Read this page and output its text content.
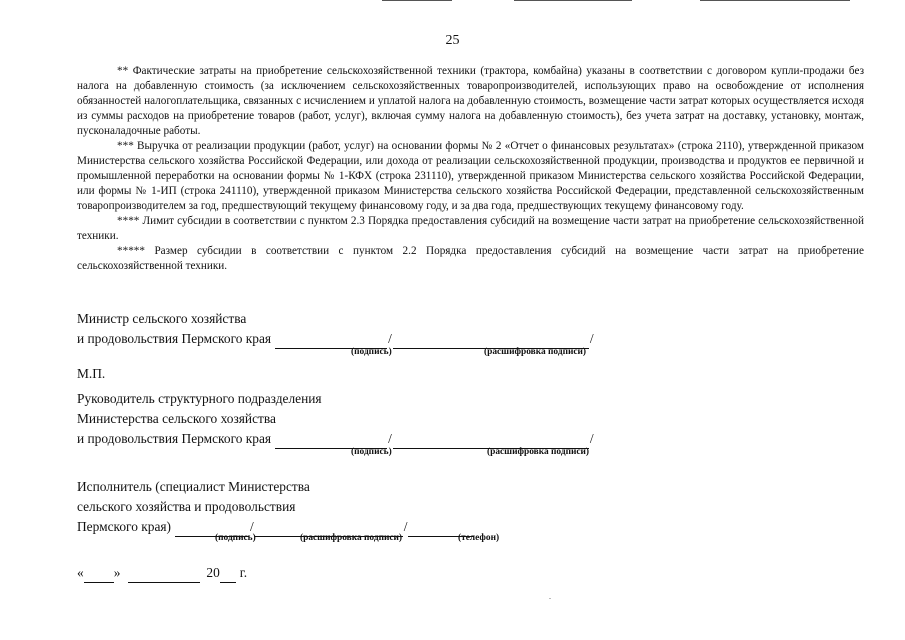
25

** Фактические затраты на приобретение сельскохозяйственной техники (трактора, комбайна) указаны в соответствии с договором купли-продажи без налога на добавленную стоимость (за исключением сельскохозяйственных товаропроизводителей, использующих право на освобождение от исполнения обязанностей налогоплательщика, связанных с исчислением и уплатой налога на добавленную стоимость, возмещение части затрат которых осуществляется исходя из суммы расходов на приобретение товаров (работ, услуг), включая сумму налога на добавленную стоимость), без учета затрат на доставку, установку, монтаж, пусконаладочные работы.

*** Выручка от реализации продукции (работ, услуг) на основании формы № 2 «Отчет о финансовых результатах» (строка 2110), утвержденной приказом Министерства сельского хозяйства Российской Федерации, или дохода от реализации сельскохозяйственной продукции, производства и продуктов ее первичной и промышленной переработки на основании формы № 1-КФХ (строка 231110), утвержденной приказом Министерства сельского хозяйства Российской Федерации, или формы № 1-ИП (строка 241110), утвержденной приказом Министерства сельского хозяйства Российской Федерации, представленной сельскохозяйственным товаропроизводителем за год, предшествующий текущему финансовому году, и за два года, предшествующих текущему финансовому году.

**** Лимит субсидии в соответствии с пунктом 2.3 Порядка предоставления субсидий на возмещение части затрат на приобретение сельскохозяйственной техники.

***** Размер субсидии в соответствии с пунктом 2.2 Порядка предоставления субсидий на возмещение части затрат на приобретение сельскохозяйственной техники.

Министр сельского хозяйства
и продовольствия Пермского края	/	/
(подпись)	(расшифровка подписи)
М.П.
Руководитель структурного подразделения
Министерства сельского хозяйства
и продовольствия Пермского края	/	/
(подпись)	(расшифровка подписи)
Исполнитель (специалист Министерства
сельского хозяйства и продовольствия
Пермского края)	/	/
(подпись)	(расшифровка подписи)	(телефон)
« »	20 г.
